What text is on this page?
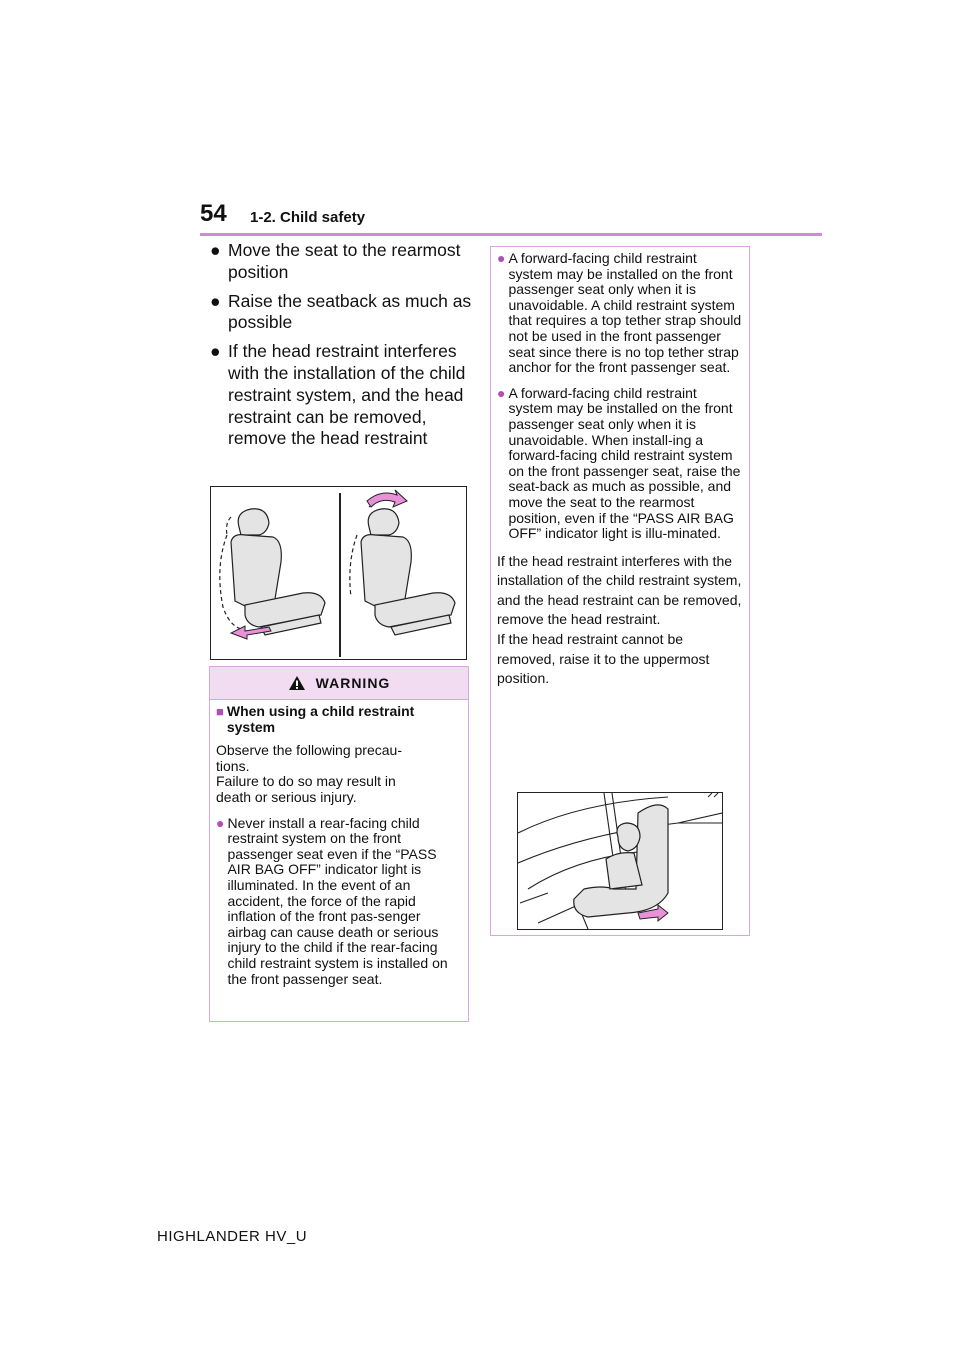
54 1-2. Child safety
● Move the seat to the rearmost position
● Raise the seatback as much as possible
● If the head restraint interferes with the installation of the child restraint system, and the head restraint can be removed, remove the head restraint
WARNING
■ When using a child restraint system
Observe the following precau-
tions.
Failure to do so may result in
death or serious injury.
● Never install a rear-facing child restraint system on the front passenger seat even if the “PASS AIR BAG OFF” indicator light is illuminated. In the event of an accident, the force of the rapid inflation of the front pas-senger airbag can cause death or serious injury to the child if the rear-facing child restraint system is installed on the front passenger seat.
● A forward-facing child restraint system may be installed on the front passenger seat only when it is unavoidable. A child restraint system that requires a top tether strap should not be used in the front passenger seat since there is no top tether strap anchor for the front passenger seat.
● A forward-facing child restraint system may be installed on the front passenger seat only when it is unavoidable. When install-ing a forward-facing child restraint system on the front passenger seat, raise the seat-back as much as possible, and move the seat to the rearmost position, even if the “PASS AIR BAG OFF” indicator light is illu-minated.
If the head restraint interferes with the installation of the child restraint system, and the head restraint can be removed, remove the head restraint.
If the head restraint cannot be removed, raise it to the uppermost position.
HIGHLANDER HV_U
